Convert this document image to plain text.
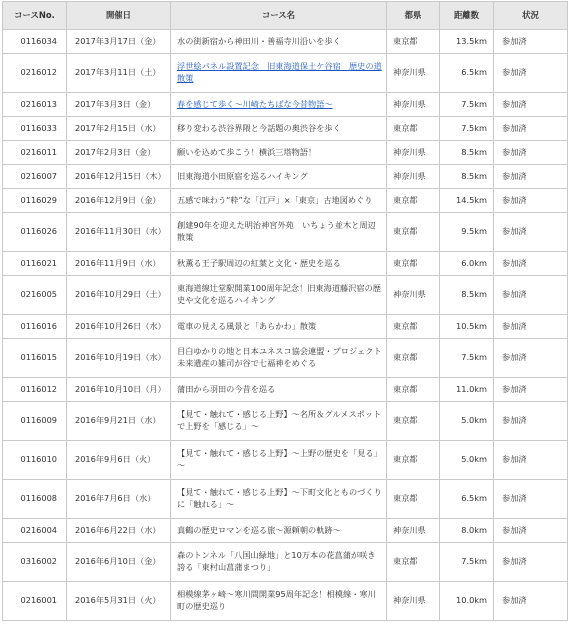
コースNo.	開催日	コース名	都県	距離数	状況
0116034	2017年3月17日（金）	水の街新宿から神田川・善福寺川沿いを歩く	東京都	13.5km	参加済
0216012	2017年3月11日（土）	浮世絵パネル設置記念　旧東海道保土ケ谷宿　歴史の道散策	神奈川県	6.5km	参加済
0216013	2017年3月3日（金）	春を感じて歩く～川崎たちばな今昔物語～	神奈川県	7.5km	参加済
0116033	2017年2月15日（水）	移り変わる渋谷界隈と今話題の奥渋谷を歩く	東京都	7.5km	参加済
0216011	2017年2月3日（金）	願いを込めて歩こう！横浜三塔物語！	神奈川県	8.5km	参加済
0216007	2016年12月15日（木）	旧東海道小田原宿を巡るハイキング	神奈川県	8.5km	参加済
0116029	2016年12月9日（金）	五感で味わう“粋”な「江戸」×「東京」古地図めぐり	東京都	14.5km	参加済
0116026	2016年11月30日（水）	創建90年を迎えた明治神宮外苑　いちょう並木と周辺散策	東京都	9.5km	参加済
0116021	2016年11月9日（水）	秋薫る王子駅周辺の紅葉と文化・歴史を巡る	東京都	6.0km	参加済
0216005	2016年10月29日（土）	東海道線辻堂駅開業100周年記念！旧東海道藤沢宿の歴史や文化を巡るハイキング	神奈川県	8.5km	参加済
0116016	2016年10月26日（水）	電車の見える風景と「あらかわ」散策	東京都	10.5km	参加済
0116015	2016年10月19日（水）	目白ゆかりの地と日本ユネスコ協会連盟・プロジェクト未来遺産の雑司が谷で七福神をめぐる	東京都	7.5km	参加済
0116012	2016年10月10日（月）	蒲田から羽田の今昔を巡る	東京都	11.0km	参加済
0116009	2016年9月21日（水）	【見て・触れて・感じる上野】～名所＆グルメスポットで上野を「感じる」～	東京都	5.0km	参加済
0116010	2016年9月6日（火）	【見て・触れて・感じる上野】～上野の歴史を「見る」～	東京都	5.0km	参加済
0116008	2016年7月6日（水）	【見て・触れて・感じる上野】～下町文化とものづくりに「触れる」～	東京都	6.5km	参加済
0216004	2016年6月22日（水）	真鶴の歴史ロマンを巡る旅～源頼朝の軌跡～	神奈川県	8.0km	参加済
0316002	2016年6月10日（金）	森のトンネル「八国山緑地」と10万本の花菖蒲が咲き誇る「東村山菖蒲まつり」	東京都	7.5km	参加済
0216001	2016年5月31日（火）	相模線茅ヶ崎～寒川間開業95周年記念！相模線・寒川町の歴史巡り	神奈川県	10.0km	参加済
